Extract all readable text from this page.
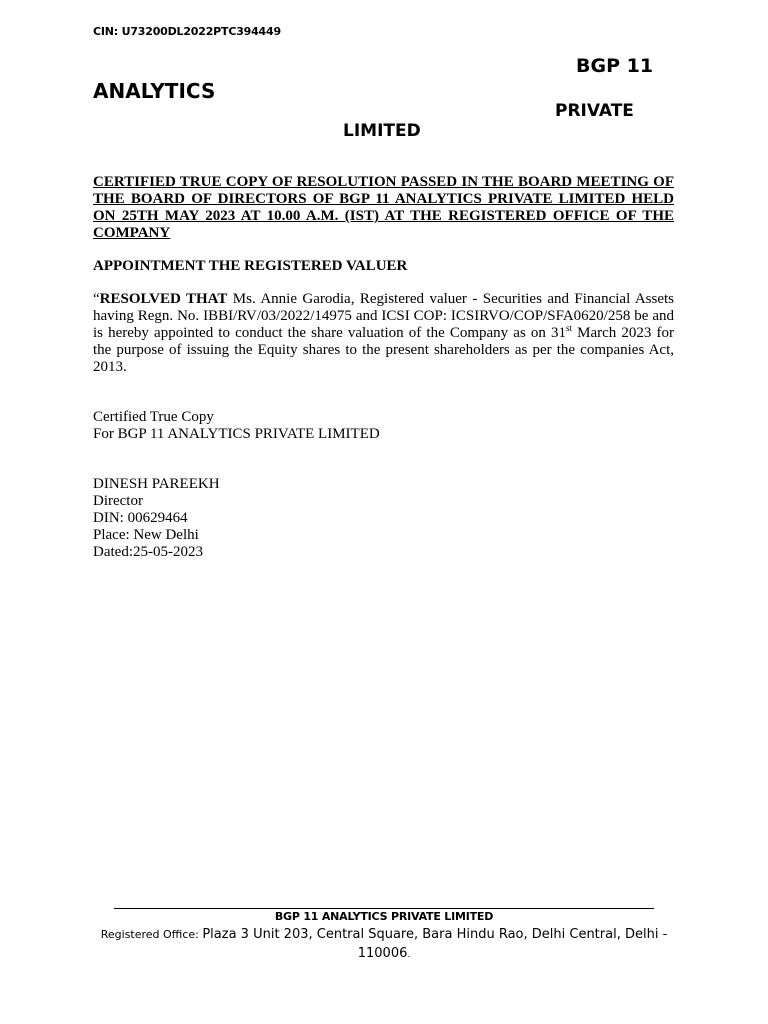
CIN: U73200DL2022PTC394449
BGP 11
ANALYTICS
PRIVATE
LIMITED
CERTIFIED TRUE COPY OF RESOLUTION PASSED IN THE BOARD MEETING OF THE BOARD OF DIRECTORS OF BGP 11 ANALYTICS PRIVATE LIMITED HELD ON 25TH MAY 2023 AT 10.00 A.M. (IST) AT THE REGISTERED OFFICE OF THE COMPANY
APPOINTMENT THE REGISTERED VALUER
“RESOLVED THAT Ms. Annie Garodia, Registered valuer - Securities and Financial Assets having Regn. No. IBBI/RV/03/2022/14975 and ICSI COP: ICSIRVO/COP/SFA0620/258 be and is hereby appointed to conduct the share valuation of the Company as on 31st March 2023 for the purpose of issuing the Equity shares to the present shareholders as per the companies Act, 2013.
Certified True Copy
For BGP 11 ANALYTICS PRIVATE LIMITED
DINESH PAREEKH
Director
DIN: 00629464
Place: New Delhi
Dated:25-05-2023
BGP 11 ANALYTICS PRIVATE LIMITED
Registered Office: Plaza 3 Unit 203, Central Square, Bara Hindu Rao, Delhi Central, Delhi - 110006.
